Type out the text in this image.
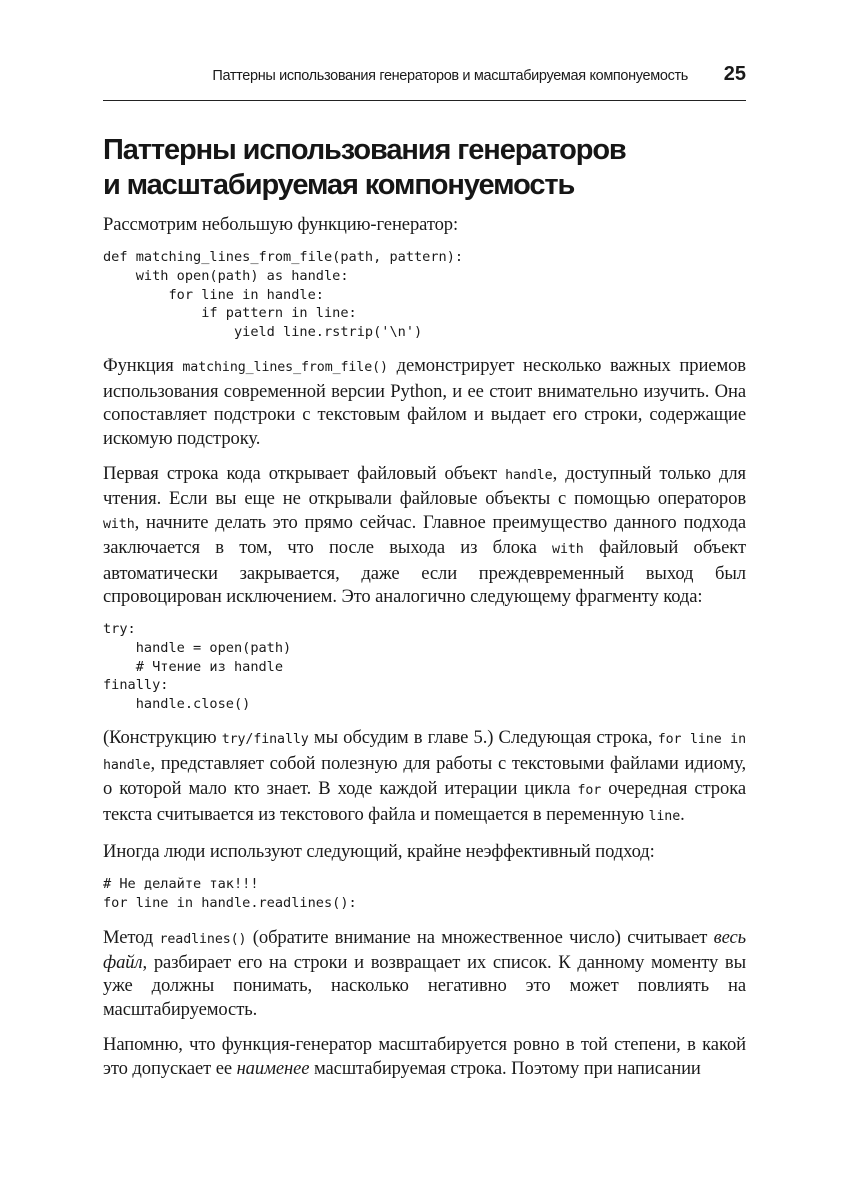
Паттерны использования генераторов и масштабируемая компонуемость 25
Паттерны использования генераторов
и масштабируемая компонуемость

Рассмотрим небольшую функцию-генератор:

def matching_lines_from_file(path, pattern):
with open(path) as handle:
for line in handle:
if pattern in line:
yield line.rstrip('\n')

Функция matching_lines_from_file() демонстрирует несколько важных приемов использования современной версии Python, и ее стоит внимательно изучить. Она сопоставляет подстроки с текстовым файлом и выдает его строки, содержащие искомую подстроку.

Первая строка кода открывает файловый объект handle, доступный только для чтения. Если вы еще не открывали файловые объекты с помощью операторов with, начните делать это прямо сейчас. Главное преимущество данного подхода заключается в том, что после выхода из блока with файловый объект автоматически закрывается, даже если преждевременный выход был спровоцирован исключением. Это аналогично следующему фрагменту кода:

try:
handle = open(path)
# Чтение из handle
finally:
handle.close()

(Конструкцию try/finally мы обсудим в главе 5.) Следующая строка, for line in handle, представляет собой полезную для работы с текстовыми файлами идиому, о которой мало кто знает. В ходе каждой итерации цикла for очередная строка текста считывается из текстового файла и помещается в переменную line.

Иногда люди используют следующий, крайне неэффективный подход:

# Не делайте так!!!
for line in handle.readlines():

Метод readlines() (обратите внимание на множественное число) считывает весь файл, разбирает его на строки и возвращает их список. К данному моменту вы уже должны понимать, насколько негативно это может повлиять на масштабируемость.

Напомню, что функция-генератор масштабируется ровно в той степени, в какой это допускает ее наименее масштабируемая строка. Поэтому при написании
